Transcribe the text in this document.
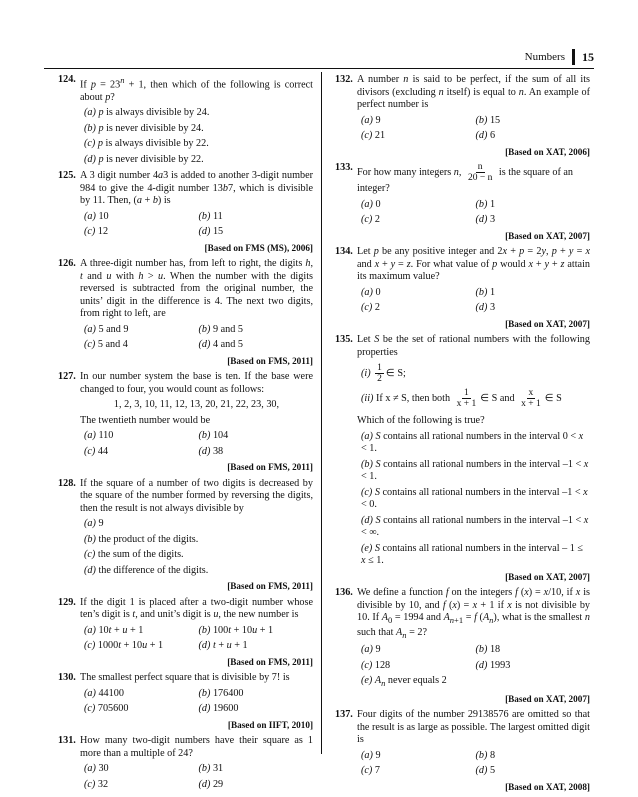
Numbers 15
124. If $p = 23^n + 1$, then which of the following is correct about p?
(a) p is always divisible by 24.
(b) p is never divisible by 24.
(c) p is always divisible by 22.
(d) p is never divisible by 22.
125. A 3 digit number 4a3 is added to another 3-digit number 984 to give the 4-digit number 13b7, which is divisible by 11. Then, (a + b) is
(a) 10	(b) 11
(c) 12	(d) 15
[Based on FMS (MS), 2006]
126. A three-digit number has, from left to right, the digits h, t and u with h > u. When the number with the digits reversed is subtracted from the original number, the units’ digit in the difference is 4. The next two digits, from right to left, are
(a) 5 and 9	(b) 9 and 5
(c) 5 and 4	(d) 4 and 5
[Based on FMS, 2011]
127. In our number system the base is ten. If the base were changed to four, you would count as follows:
1, 2, 3, 10, 11, 12, 13, 20, 21, 22, 23, 30,
The twentieth number would be
(a) 110	(b) 104
(c) 44	(d) 38
[Based on FMS, 2011]
128. If the square of a number of two digits is decreased by the square of the number formed by reversing the digits, then the result is not always divisible by
(a) 9
(b) the product of the digits.
(c) the sum of the digits.
(d) the difference of the digits.
[Based on FMS, 2011]
129. If the digit 1 is placed after a two-digit number whose ten’s digit is t, and unit’s digit is u, the new number is
(a) 10t + u + 1	(b) 100t + 10u + 1
(c) 1000t + 10u + 1	(d) t + u + 1
[Based on FMS, 2011]
130. The smallest perfect square that is divisible by 7! is
(a) 44100	(b) 176400
(c) 705600	(d) 19600
[Based on IIFT, 2010]
131. How many two-digit numbers have their square as 1 more than a multiple of 24?
(a) 30	(b) 31
(c) 32	(d) 29
132. A number n is said to be perfect, if the sum of all its divisors (excluding n itself) is equal to n. An example of perfect number is
(a) 9	(b) 15
(c) 21	(d) 6
[Based on XAT, 2006]
133. For how many integers n, $\frac{n}{20 - n}$ is the square of an
integer?
(a) 0	(b) 1
(c) 2	(d) 3
[Based on XAT, 2007]
134. Let p be any positive integer and 2x + p = 2y, p + y = x and x + y = z. For what value of p would x + y + z attain its maximum value?
(a) 0	(b) 1
(c) 2	(d) 3
[Based on XAT, 2007]
135. Let S be the set of rational numbers with the following properties
$(i) \frac{1}{2}$ ∈ S;
(ii) If x ≠ S, then both $\frac{1}{x + 1}$ ∈ S and $\frac{x}{x + 1}$ ∈ S
Which of the following is true?
(a) S contains all rational numbers in the interval 0 < x < 1.
(b) S contains all rational numbers in the interval –1 < x < 1.
(c) S contains all rational numbers in the interval –1 < x < 0.
(d) S contains all rational numbers in the interval –1 < x < ∞.
(e) S contains all rational numbers in the interval – 1 ≤ x ≤ 1.
[Based on XAT, 2007]
136. We define a function f on the integers f (x) = x/10, if x is divisible by 10, and f (x) = x + 1 if x is not divisible by 10. If $A_0 = 1994$ and $A_{n+1} = f$ $(A_n)$, what is the smallest n such that $A_n = 2$?
(a) 9	(b) 18
(c) 128	(d) 1993
(e) $A_n$ never equals 2
[Based on XAT, 2007]
137. Four digits of the number 29138576 are omitted so that the result is as large as possible. The largest omitted digit is
(a) 9	(b) 8
(c) 7	(d) 5
[Based on XAT, 2008]
